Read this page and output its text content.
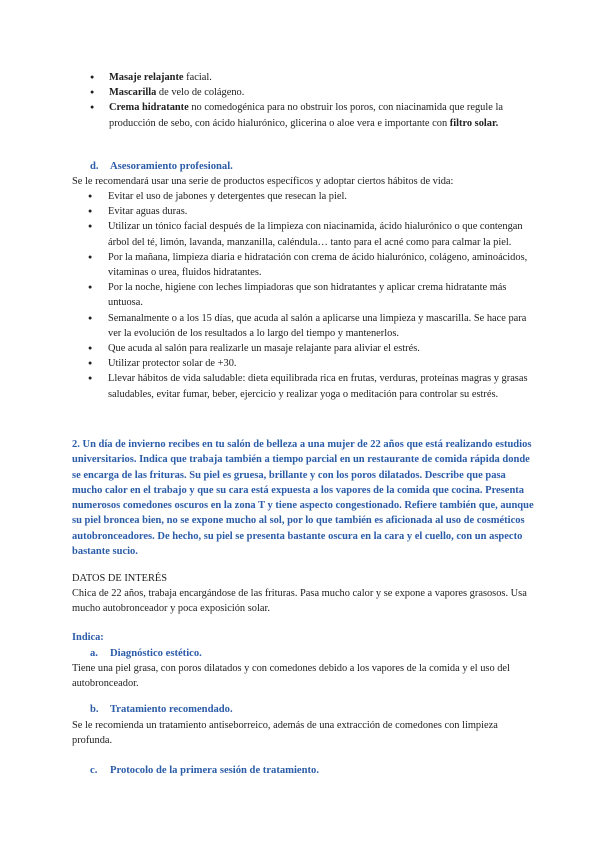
● Masaje relajante facial.
● Mascarilla de velo de colágeno.
● Crema hidratante no comedogénica para no obstruir los poros, con niacinamida que regule la producción de sebo, con ácido hialurónico, glicerina o aloe vera e importante con filtro solar.
d. Asesoramiento profesional.
Se le recomendará usar una serie de productos específicos y adoptar ciertos hábitos de vida:
● Evitar el uso de jabones y detergentes que resecan la piel.
● Evitar aguas duras.
● Utilizar un tónico facial después de la limpieza con niacinamida, ácido hialurónico o que contengan árbol del té, limón, lavanda, manzanilla, caléndula… tanto para el acné como para calmar la piel.
● Por la mañana, limpieza diaria e hidratación con crema de ácido hialurónico, colágeno, aminoácidos, vitaminas o urea, fluidos hidratantes.
● Por la noche, higiene con leches limpiadoras que son hidratantes y aplicar crema hidratante más untuosa.
● Semanalmente o a los 15 días, que acuda al salón a aplicarse una limpieza y mascarilla. Se hace para ver la evolución de los resultados a lo largo del tiempo y mantenerlos.
● Que acuda al salón para realizarle un masaje relajante para aliviar el estrés.
● Utilizar protector solar de +30.
● Llevar hábitos de vida saludable: dieta equilibrada rica en frutas, verduras, proteínas magras y grasas saludables, evitar fumar, beber, ejercicio y realizar yoga o meditación para controlar su estrés.
2. Un día de invierno recibes en tu salón de belleza a una mujer de 22 años que está realizando estudios universitarios. Indica que trabaja también a tiempo parcial en un restaurante de comida rápida donde se encarga de las frituras. Su piel es gruesa, brillante y con los poros dilatados. Describe que pasa mucho calor en el trabajo y que su cara está expuesta a los vapores de la comida que cocina. Presenta numerosos comedones oscuros en la zona T y tiene aspecto congestionado. Refiere también que, aunque su piel broncea bien, no se expone mucho al sol, por lo que también es aficionada al uso de cosméticos autobronceadores. De hecho, su piel se presenta bastante oscura en la cara y el cuello, con un aspecto bastante sucio.
DATOS DE INTERÉS
Chica de 22 años, trabaja encargándose de las frituras. Pasa mucho calor y se expone a vapores grasosos. Usa mucho autobronceador y poca exposición solar.
Indica:
a. Diagnóstico estético.
Tiene una piel grasa, con poros dilatados y con comedones debido a los vapores de la comida y el uso del autobronceador.
b. Tratamiento recomendado.
Se le recomienda un tratamiento antiseborreico, además de una extracción de comedones con limpieza profunda.
c. Protocolo de la primera sesión de tratamiento.
